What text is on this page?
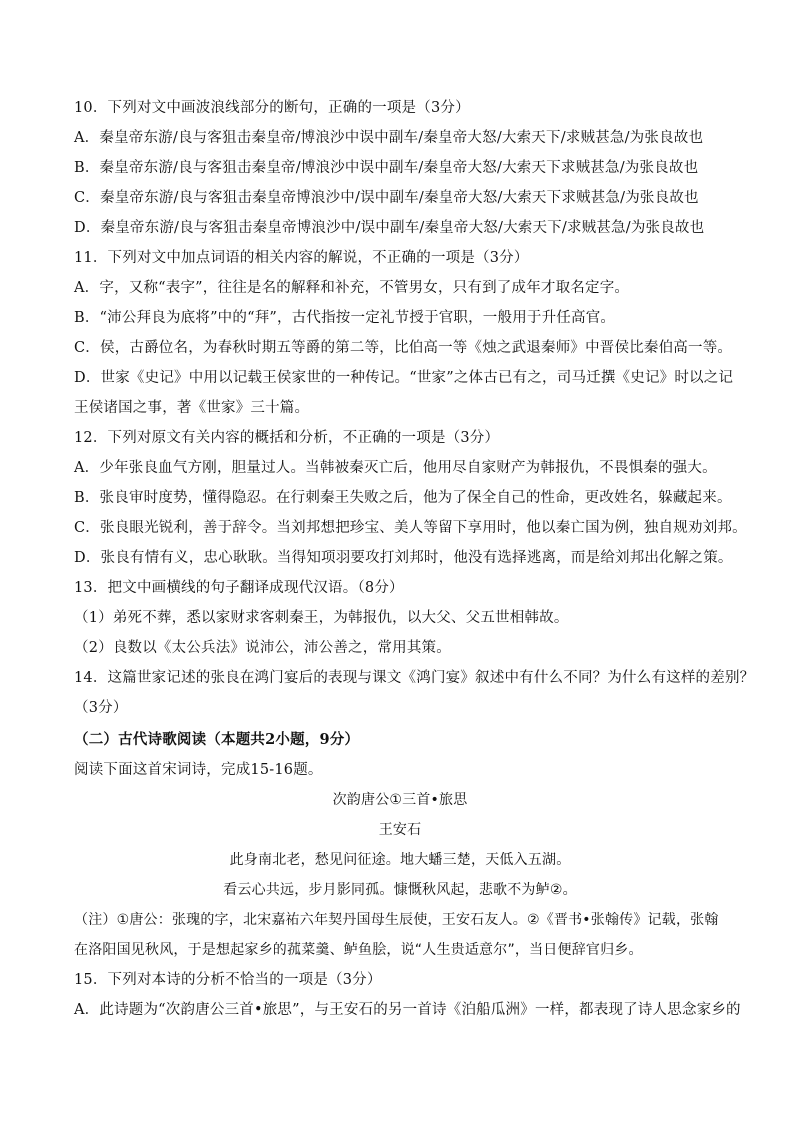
10．下列对文中画波浪线部分的断句，正确的一项是（3分）
A．秦皇帝东游/良与客狙击秦皇帝/博浪沙中误中副车/秦皇帝大怒/大索天下/求贼甚急/为张良故也
B．秦皇帝东游/良与客狙击秦皇帝/博浪沙中误中副车/秦皇帝大怒/大索天下求贼甚急/为张良故也
C．秦皇帝东游/良与客狙击秦皇帝博浪沙中/误中副车/秦皇帝大怒/大索天下求贼甚急/为张良故也
D．秦皇帝东游/良与客狙击秦皇帝博浪沙中/误中副车/秦皇帝大怒/大索天下/求贼甚急/为张良故也
11．下列对文中加点词语的相关内容的解说，不正确的一项是（3分）
A．字，又称“表字”，往往是名的解释和补充，不管男女，只有到了成年才取名定字。
B．“沛公拜良为底将”中的“拜”，古代指按一定礼节授于官职，一般用于升任高官。
C．侯，古爵位名，为春秋时期五等爵的第二等，比伯高一等《烛之武退秦师》中晋侯比秦伯高一等。
D．世家《史记》中用以记载王侯家世的一种传记。“世家”之体古已有之，司马迁撰《史记》时以之记
王侯诸国之事，著《世家》三十篇。
12．下列对原文有关内容的概括和分析，不正确的一项是（3分）
A．少年张良血气方刚，胆量过人。当韩被秦灭亡后，他用尽自家财产为韩报仇，不畏惧秦的强大。
B．张良审时度势，懂得隐忍。在行刺秦王失败之后，他为了保全自己的性命，更改姓名，躲藏起来。
C．张良眼光锐利，善于辞令。当刘邦想把珍宝、美人等留下享用时，他以秦亡国为例，独自规劝刘邦。
D．张良有情有义，忠心耿耿。当得知项羽要攻打刘邦时，他没有选择逃离，而是给刘邦出化解之策。
13．把文中画横线的句子翻译成现代汉语。（8分）
（1）弟死不葬，悉以家财求客刺秦王，为韩报仇，以大父、父五世相韩故。
（2）良数以《太公兵法》说沛公，沛公善之，常用其策。
14．这篇世家记述的张良在鸿门宴后的表现与课文《鸿门宴》叙述中有什么不同？为什么有这样的差别？
（3分）
（二）古代诗歌阅读（本题共2小题，9分）
阅读下面这首宋词诗，完成15-16题。
次韵唐公①三首•旅思
王安石
此身南北老，愁见问征途。地大蟠三楚，天低入五湖。
看云心共远，步月影同孤。慷慨秋风起，悲歌不为鲈②。
（注）①唐公：张瑰的字，北宋嘉祐六年契丹国母生辰使，王安石友人。②《晋书•张翰传》记载，张翰
在洛阳国见秋风，于是想起家乡的菰菜羹、鲈鱼脍，说“人生贵适意尔”，当日便辞官归乡。
15．下列对本诗的分析不恰当的一项是（3分）
A．此诗题为“次韵唐公三首•旅思”，与王安石的另一首诗《泊船瓜洲》一样，都表现了诗人思念家乡的
